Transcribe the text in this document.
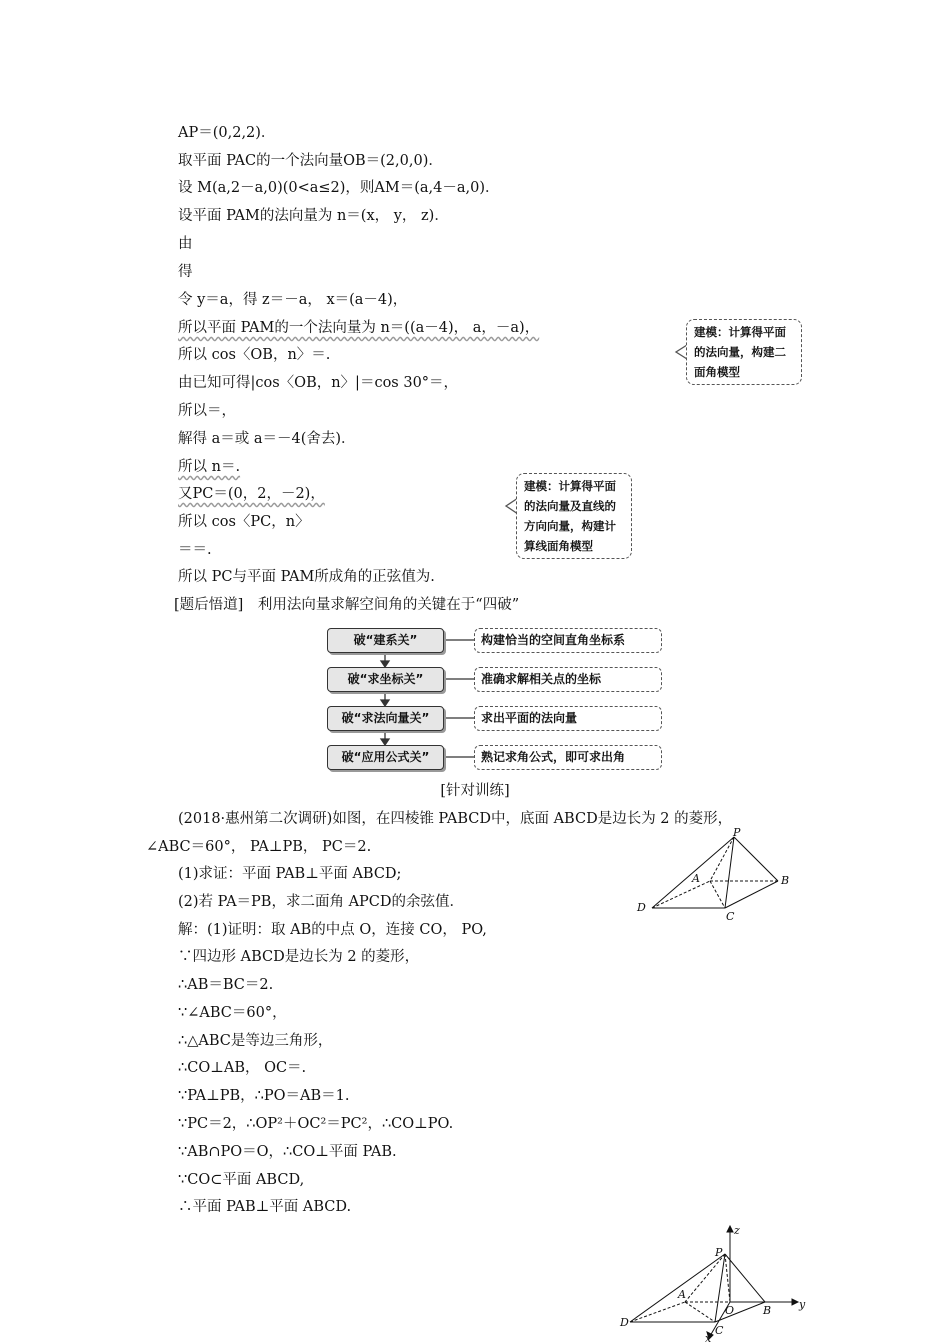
AP＝(0,2,2)．
取平面 PAC的一个法向量OB＝(2,0,0)．
设 M(a,2－a,0)(0<a≤2)，则AM＝(a,4－a,0)．
设平面 PAM的法向量为 n＝(x， y， z)．
由
得
令 y＝a，得 z＝－a， x＝(a－4)，
所以平面 PAM的一个法向量为 n＝((a－4)， a，－a)，
所以 cos〈OB，n〉＝.
由已知可得|cos〈OB，n〉|＝cos 30°＝，
所以＝，
解得 a＝或 a＝－4(舍去)．
所以 n＝.
又PC＝(0，2，－2)，
所以 cos〈PC，n〉
＝＝.
所以 PC与平面 PAM所成角的正弦值为.
建模：计算得平面
的法向量，构建二
面角模型
建模：计算得平面
的法向量及直线的
方向向量，构建计
算线面角模型
[题后悟道]　利用法向量求解空间角的关键在于“四破”
破“建系关”
破“求坐标关”
破“求法向量关”
破“应用公式关”
构建恰当的空间直角坐标系
准确求解相关点的坐标
求出平面的法向量
熟记求角公式，即可求出角
[针对训练]
(2018·惠州第二次调研)如图，在四棱锥 PABCD中，底面 ABCD是边长为 2 的菱形，
∠ABC＝60°， PA⊥PB， PC＝2.
(1)求证：平面 PAB⊥平面 ABCD;
(2)若 PA＝PB，求二面角 APCD的余弦值．
P
A	B
C
D
解：(1)证明：取 AB的中点 O，连接 CO， PO,
∵四边形 ABCD是边长为 2 的菱形，
∴AB＝BC＝2.
∵∠ABC＝60°，
∴△ABC是等边三角形，
∴CO⊥AB， OC＝.
∵PA⊥PB，∴PO＝AB＝1.
∵PC＝2，∴OP²＋OC²＝PC²，∴CO⊥PO.
∵AB∩PO＝O，∴CO⊥平面 PAB.
∵CO⊂平面 ABCD,
∴平面 PAB⊥平面 ABCD.
P
A
B
C
D
O
x
y
z
